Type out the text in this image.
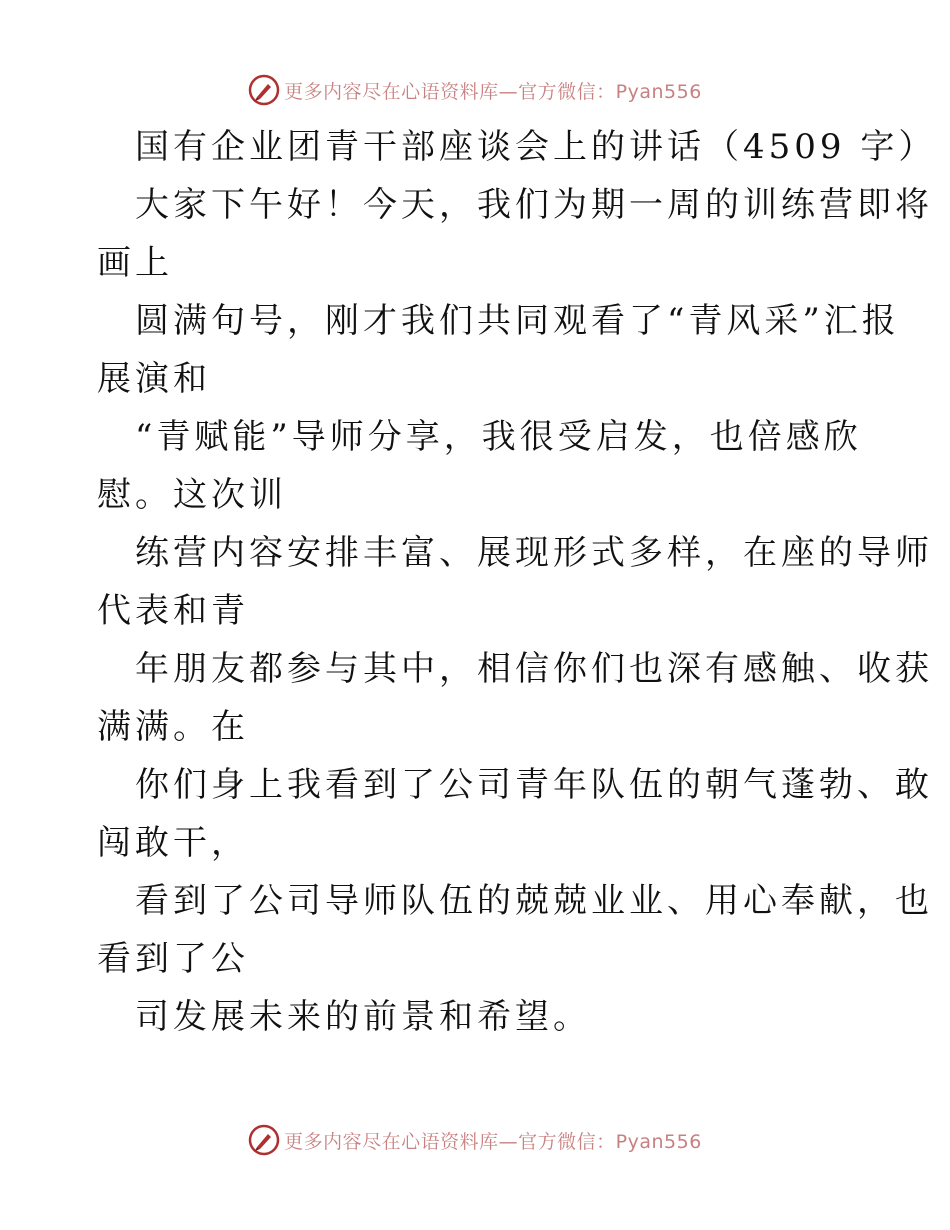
更多内容尽在心语资料库—官方微信：Pyan556
国有企业团青干部座谈会上的讲话（4509 字）
大家下午好！今天，我们为期一周的训练营即将
画上
圆满句号，刚才我们共同观看了“青风采”汇报
展演和
“青赋能”导师分享，我很受启发，也倍感欣
慰。这次训
练营内容安排丰富、展现形式多样，在座的导师
代表和青
年朋友都参与其中，相信你们也深有感触、收获
满满。在
你们身上我看到了公司青年队伍的朝气蓬勃、敢
闯敢干，
看到了公司导师队伍的兢兢业业、用心奉献，也
看到了公
司发展未来的前景和希望。
更多内容尽在心语资料库—官方微信：Pyan556
